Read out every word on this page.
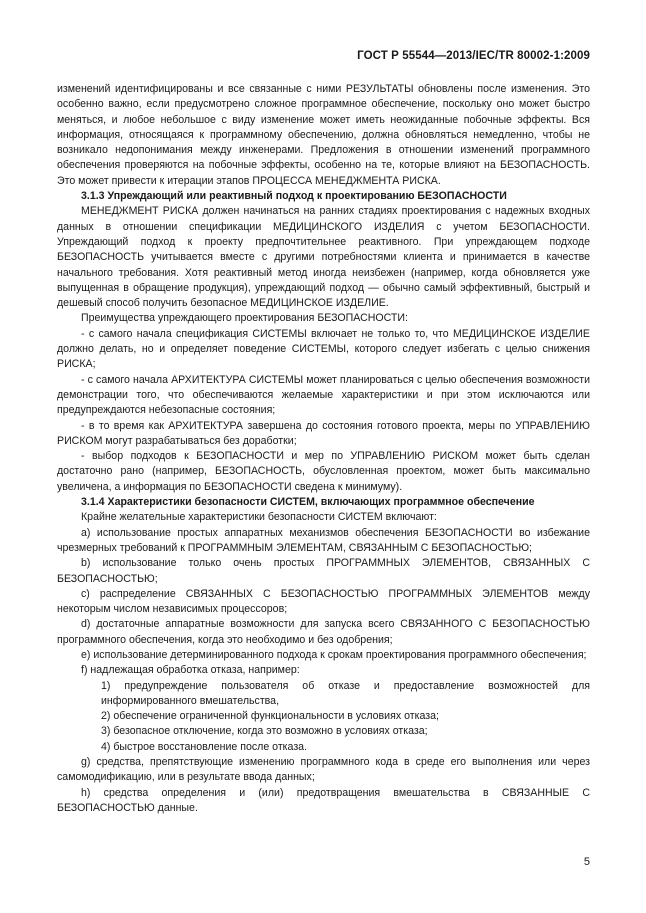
ГОСТ Р 55544—2013/IEC/TR 80002-1:2009

изменений идентифицированы и все связанные с ними РЕЗУЛЬТАТЫ обновлены после изменения. Это особенно важно, если предусмотрено сложное программное обеспечение, поскольку оно может быстро меняться, и любое небольшое с виду изменение может иметь неожиданные побочные эффекты. Вся информация, относящаяся к программному обеспечению, должна обновляться немедленно, чтобы не возникало недопонимания между инженерами. Предложения в отношении изменений программного обеспечения проверяются на побочные эффекты, особенно на те, которые влияют на БЕЗОПАСНОСТЬ. Это может привести к итерации этапов ПРОЦЕССА МЕНЕДЖМЕНТА РИСКА.

3.1.3 Упреждающий или реактивный подход к проектированию БЕЗОПАСНОСТИ

МЕНЕДЖМЕНТ РИСКА должен начинаться на ранних стадиях проектирования с надежных входных данных в отношении спецификации МЕДИЦИНСКОГО ИЗДЕЛИЯ с учетом БЕЗОПАСНОСТИ. Упреждающий подход к проекту предпочтительнее реактивного. При упреждающем подходе БЕЗОПАСНОСТЬ учитывается вместе с другими потребностями клиента и принимается в качестве начального требования. Хотя реактивный метод иногда неизбежен (например, когда обновляется уже выпущенная в обращение продукция), упреждающий подход — обычно самый эффективный, быстрый и дешевый способ получить безопасное МЕДИЦИНСКОЕ ИЗДЕЛИЕ.

Преимущества упреждающего проектирования БЕЗОПАСНОСТИ:

- с самого начала спецификация СИСТЕМЫ включает не только то, что МЕДИЦИНСКОЕ ИЗДЕЛИЕ должно делать, но и определяет поведение СИСТЕМЫ, которого следует избегать с целью снижения РИСКА;

- с самого начала АРХИТЕКТУРА СИСТЕМЫ может планироваться с целью обеспечения возможности демонстрации того, что обеспечиваются желаемые характеристики и при этом исключаются или предупреждаются небезопасные состояния;

- в то время как АРХИТЕКТУРА завершена до состояния готового проекта, меры по УПРАВЛЕНИЮ РИСКОМ могут разрабатываться без доработки;

- выбор подходов к БЕЗОПАСНОСТИ и мер по УПРАВЛЕНИЮ РИСКОМ может быть сделан достаточно рано (например, БЕЗОПАСНОСТЬ, обусловленная проектом, может быть максимально увеличена, а информация по БЕЗОПАСНОСТИ сведена к минимуму).

3.1.4 Характеристики безопасности СИСТЕМ, включающих программное обеспечение

Крайне желательные характеристики безопасности СИСТЕМ включают:

a) использование простых аппаратных механизмов обеспечения БЕЗОПАСНОСТИ во избежание чрезмерных требований к ПРОГРАММНЫМ ЭЛЕМЕНТАМ, СВЯЗАННЫМ С БЕЗОПАСНОСТЬЮ;

b) использование только очень простых ПРОГРАММНЫХ ЭЛЕМЕНТОВ, СВЯЗАННЫХ С БЕЗОПАСНОСТЬЮ;

c) распределение СВЯЗАННЫХ С БЕЗОПАСНОСТЬЮ ПРОГРАММНЫХ ЭЛЕМЕНТОВ между некоторым числом независимых процессоров;

d) достаточные аппаратные возможности для запуска всего СВЯЗАННОГО С БЕЗОПАСНОСТЬЮ программного обеспечения, когда это необходимо и без одобрения;

e) использование детерминированного подхода к срокам проектирования программного обеспечения;

f) надлежащая обработка отказа, например:

1) предупреждение пользователя об отказе и предоставление возможностей для информированного вмешательства,

2) обеспечение ограниченной функциональности в условиях отказа;

3) безопасное отключение, когда это возможно в условиях отказа;

4) быстрое восстановление после отказа.

g) средства, препятствующие изменению программного кода в среде его выполнения или через самомодификацию, или в результате ввода данных;

h) средства определения и (или) предотвращения вмешательства в СВЯЗАННЫЕ С БЕЗОПАСНОСТЬЮ данные.

5
